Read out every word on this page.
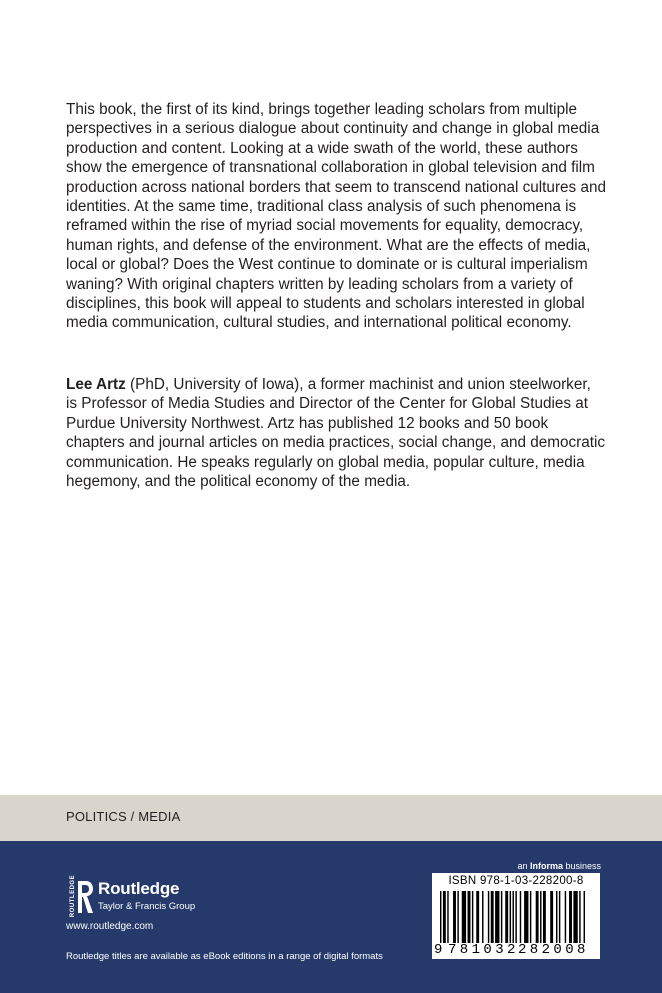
This book, the first of its kind, brings together leading scholars from multiple perspectives in a serious dialogue about continuity and change in global media production and content. Looking at a wide swath of the world, these authors show the emergence of transnational collaboration in global television and film production across national borders that seem to transcend national cultures and identities. At the same time, traditional class analysis of such phenomena is reframed within the rise of myriad social movements for equality, democracy, human rights, and defense of the environment. What are the effects of media, local or global? Does the West continue to dominate or is cultural imperialism waning? With original chapters written by leading scholars from a variety of disciplines, this book will appeal to students and scholars interested in global media communication, cultural studies, and international political economy.

Lee Artz (PhD, University of Iowa), a former machinist and union steelworker, is Professor of Media Studies and Director of the Center for Global Studies at Purdue University Northwest. Artz has published 12 books and 50 book chapters and journal articles on media practices, social change, and democratic communication. He speaks regularly on global media, popular culture, media hegemony, and the political economy of the media.

POLITICS / MEDIA
an Informa business
ROUTLEDGE Routledge
Taylor & Francis Group
www.routledge.com
Routledge titles are available as eBook editions in a range of digital formats
ISBN 978-1-03-228200-8
9 781032 282008
